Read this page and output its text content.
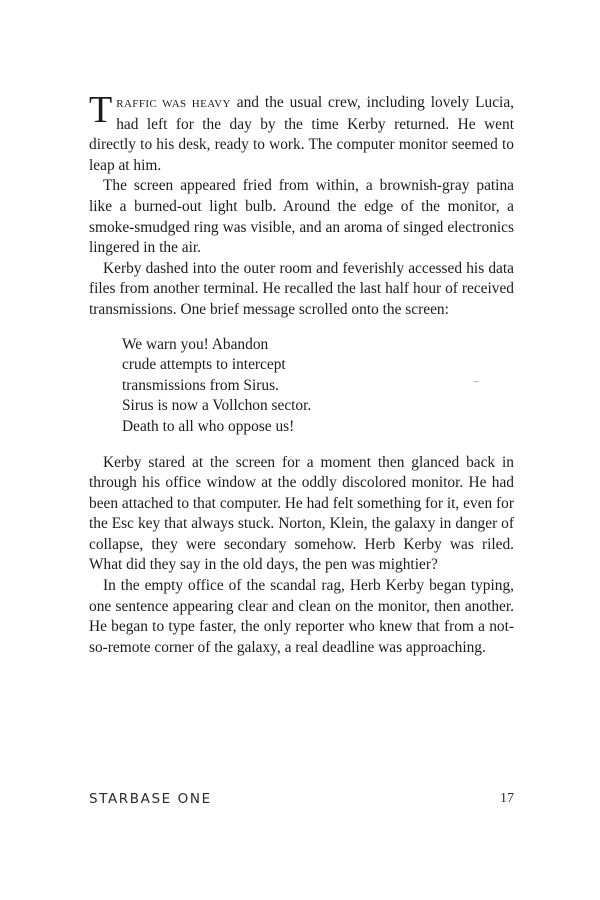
TRAFFIC WAS HEAVY and the usual crew, including lovely Lucia, had left for the day by the time Kerby returned. He went directly to his desk, ready to work. The computer monitor seemed to leap at him.

The screen appeared fried from within, a brownish-gray patina like a burned-out light bulb. Around the edge of the monitor, a smoke-smudged ring was visible, and an aroma of singed electronics lingered in the air.

Kerby dashed into the outer room and feverishly accessed his data files from another terminal. He recalled the last half hour of received transmissions. One brief message scrolled onto the screen:

We warn you! Abandon
crude attempts to intercept
transmissions from Sirus.
Sirus is now a Vollchon sector.
Death to all who oppose us!

Kerby stared at the screen for a moment then glanced back in through his office window at the oddly discolored monitor. He had been attached to that computer. He had felt something for it, even for the Esc key that always stuck. Norton, Klein, the galaxy in danger of collapse, they were secondary somehow. Herb Kerby was riled. What did they say in the old days, the pen was mightier?

In the empty office of the scandal rag, Herb Kerby began typing, one sentence appearing clear and clean on the monitor, then another. He began to type faster, the only reporter who knew that from a not-so-remote corner of the galaxy, a real deadline was approaching.

STARBASE ONE	17
